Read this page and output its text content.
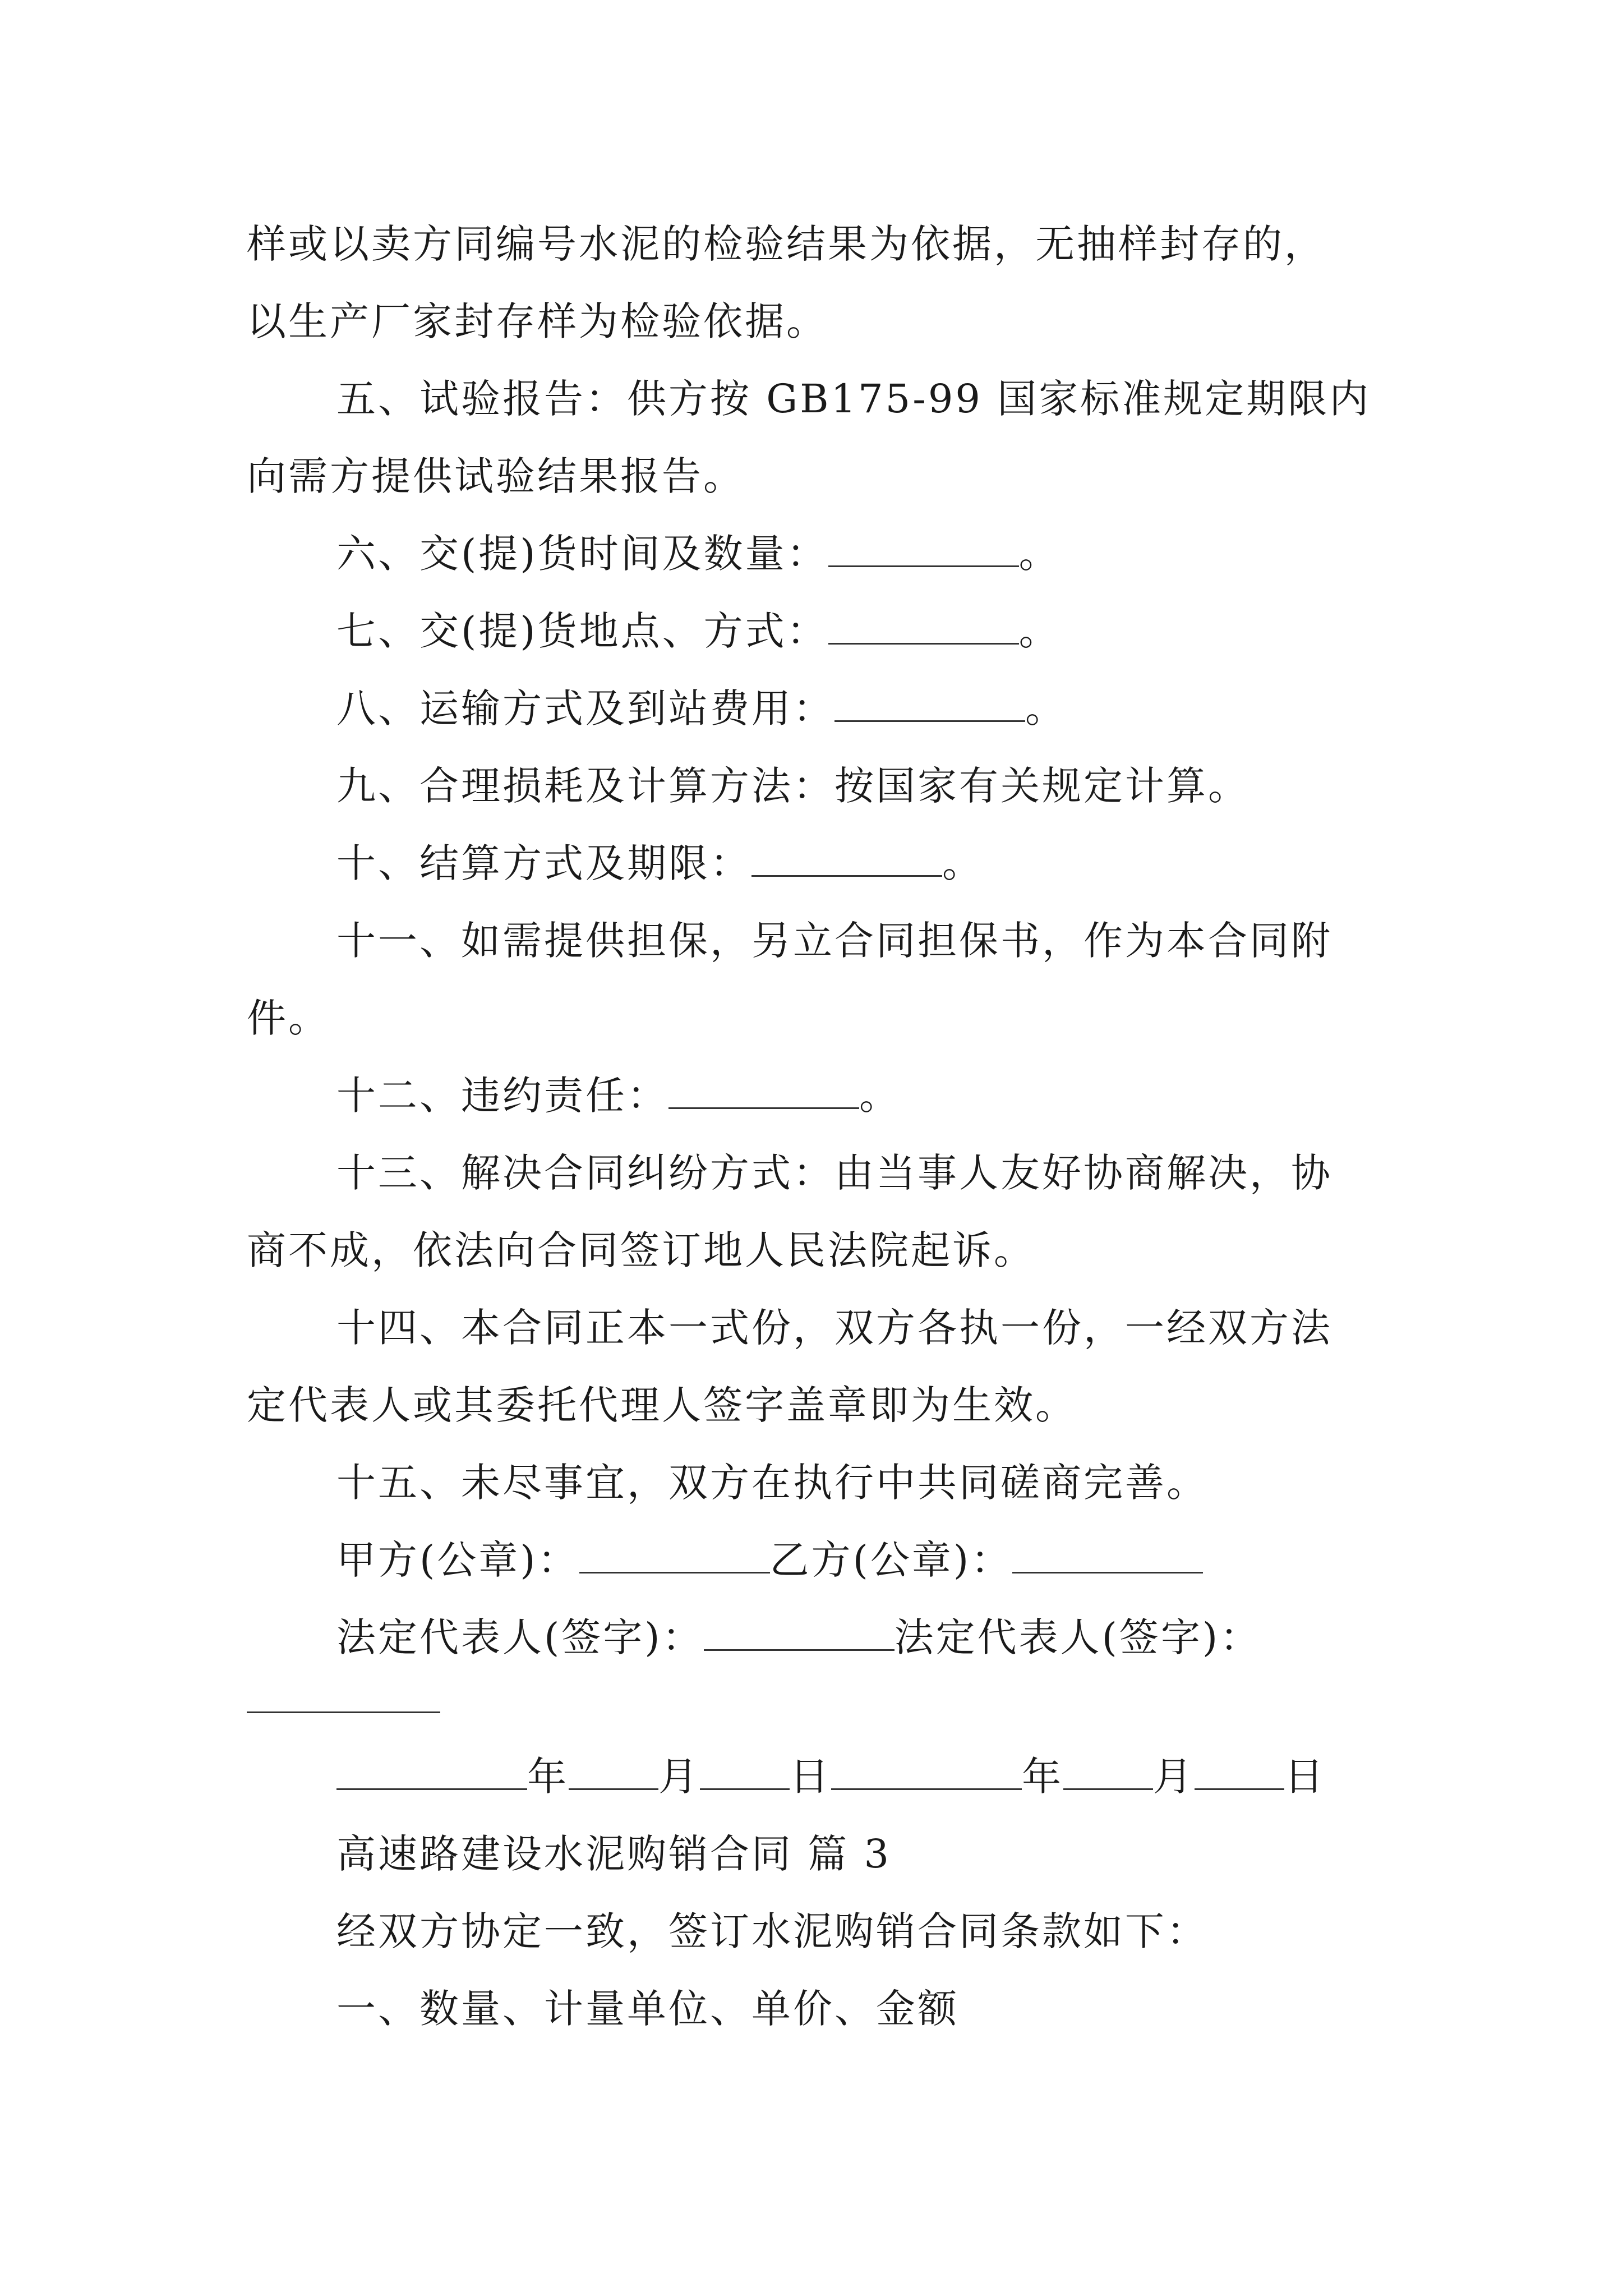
样或以卖方同编号水泥的检验结果为依据，无抽样封存的，
以生产厂家封存样为检验依据。
五、试验报告：供方按 GB175-99 国家标准规定期限内
向需方提供试验结果报告。
六、交(提)货时间及数量：	。
七、交(提)货地点、方式：	。
八、运输方式及到站费用：	。
九、合理损耗及计算方法：按国家有关规定计算。
十、结算方式及期限：	。
十一、如需提供担保，另立合同担保书，作为本合同附
件。
十二、违约责任：	。
十三、解决合同纠纷方式：由当事人友好协商解决，协
商不成，依法向合同签订地人民法院起诉。
十四、本合同正本一式份，双方各执一份，一经双方法
定代表人或其委托代理人签字盖章即为生效。
十五、未尽事宜，双方在执行中共同磋商完善。
甲方(公章)：	乙方(公章)：
法定代表人(签字)：	法定代表人(签字)：
年 月 日	年 月 日
高速路建设水泥购销合同 篇 3
经双方协定一致，签订水泥购销合同条款如下：
一、数量、计量单位、单价、金额
